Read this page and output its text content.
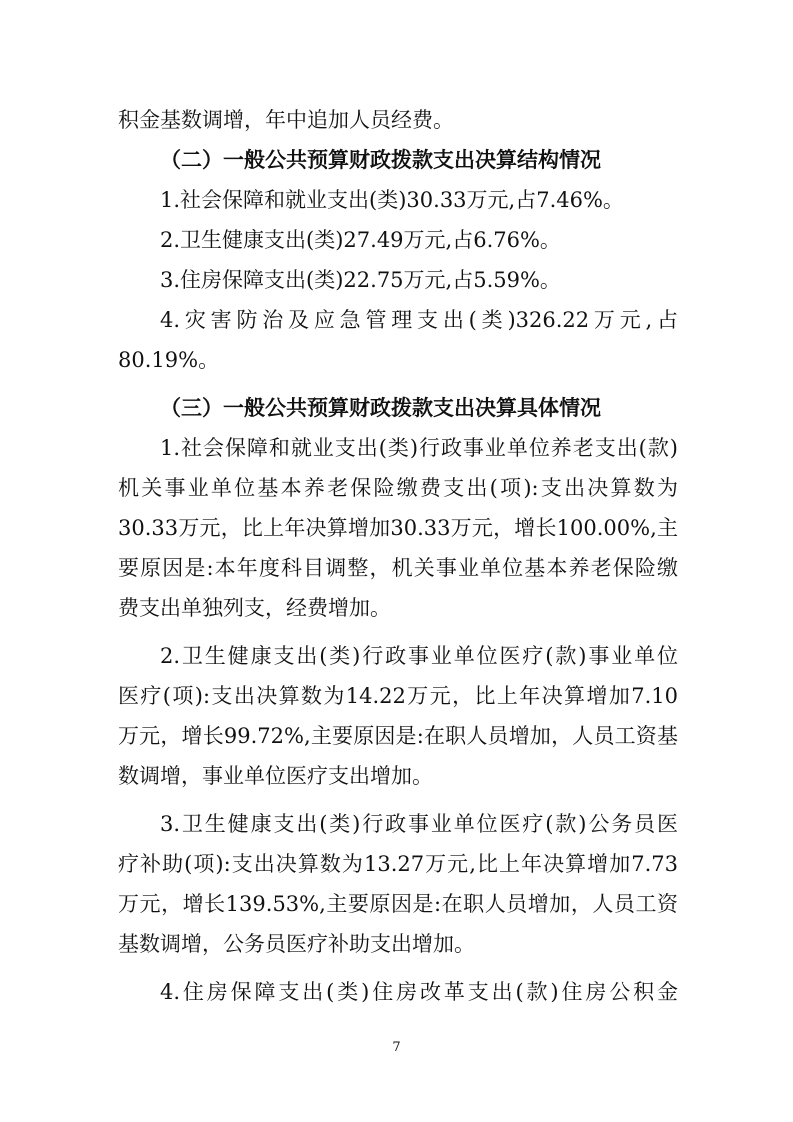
积金基数调增，年中追加人员经费。
（二）一般公共预算财政拨款支出决算结构情况
1.社会保障和就业支出(类)30.33万元,占7.46%。
2.卫生健康支出(类)27.49万元,占6.76%。
3.住房保障支出(类)22.75万元,占5.59%。
4.灾害防治及应急管理支出(类)326.22万元,占
80.19%。
（三）一般公共预算财政拨款支出决算具体情况
1.社会保障和就业支出(类)行政事业单位养老支出(款)
机关事业单位基本养老保险缴费支出(项):支出决算数为
30.33万元，比上年决算增加30.33万元，增长100.00%,主
要原因是:本年度科目调整，机关事业单位基本养老保险缴
费支出单独列支，经费增加。
2.卫生健康支出(类)行政事业单位医疗(款)事业单位
医疗(项):支出决算数为14.22万元，比上年决算增加7.10
万元，增长99.72%,主要原因是:在职人员增加，人员工资基
数调增，事业单位医疗支出增加。
3.卫生健康支出(类)行政事业单位医疗(款)公务员医
疗补助(项):支出决算数为13.27万元,比上年决算增加7.73
万元，增长139.53%,主要原因是:在职人员增加，人员工资
基数调增，公务员医疗补助支出增加。
4.住房保障支出(类)住房改革支出(款)住房公积金
7
